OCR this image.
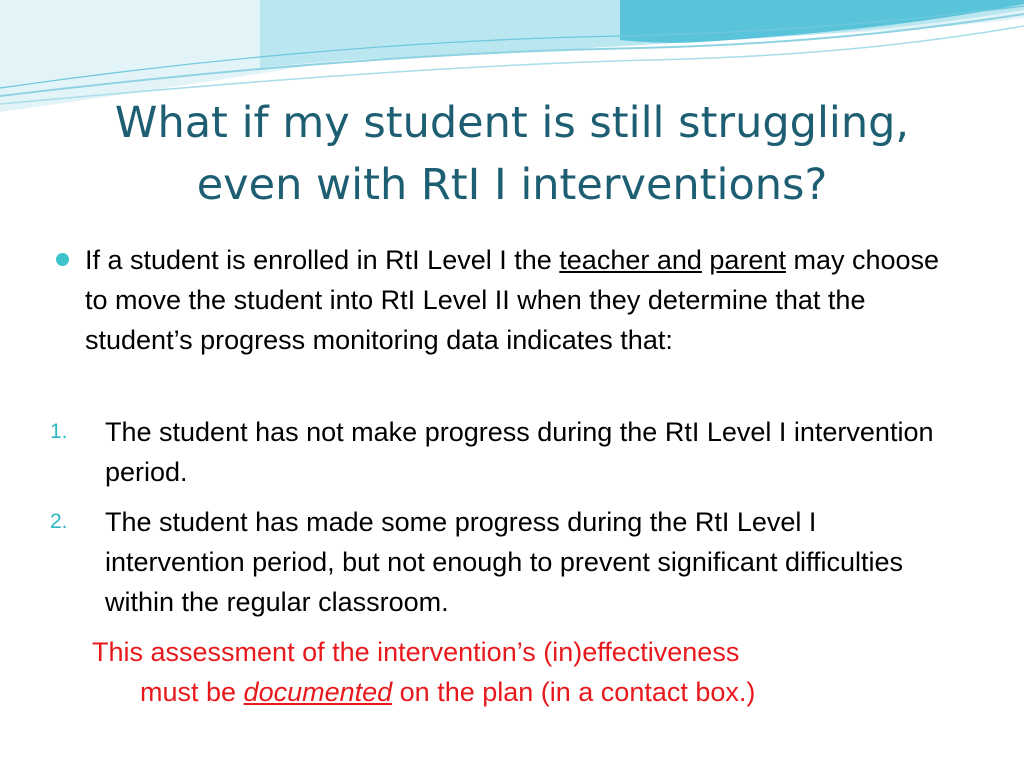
What if my student is still struggling,
even with RtI I interventions?
If a student is enrolled in RtI Level I the teacher and parent may choose to move the student into RtI Level II when they determine that the student’s progress monitoring data indicates that:
1. The student has not make progress during the RtI Level I intervention period.
2. The student has made some progress during the RtI Level I intervention period, but not enough to prevent significant difficulties within the regular classroom.
This assessment of the intervention’s (in)effectiveness
must be documented on the plan (in a contact box.)
